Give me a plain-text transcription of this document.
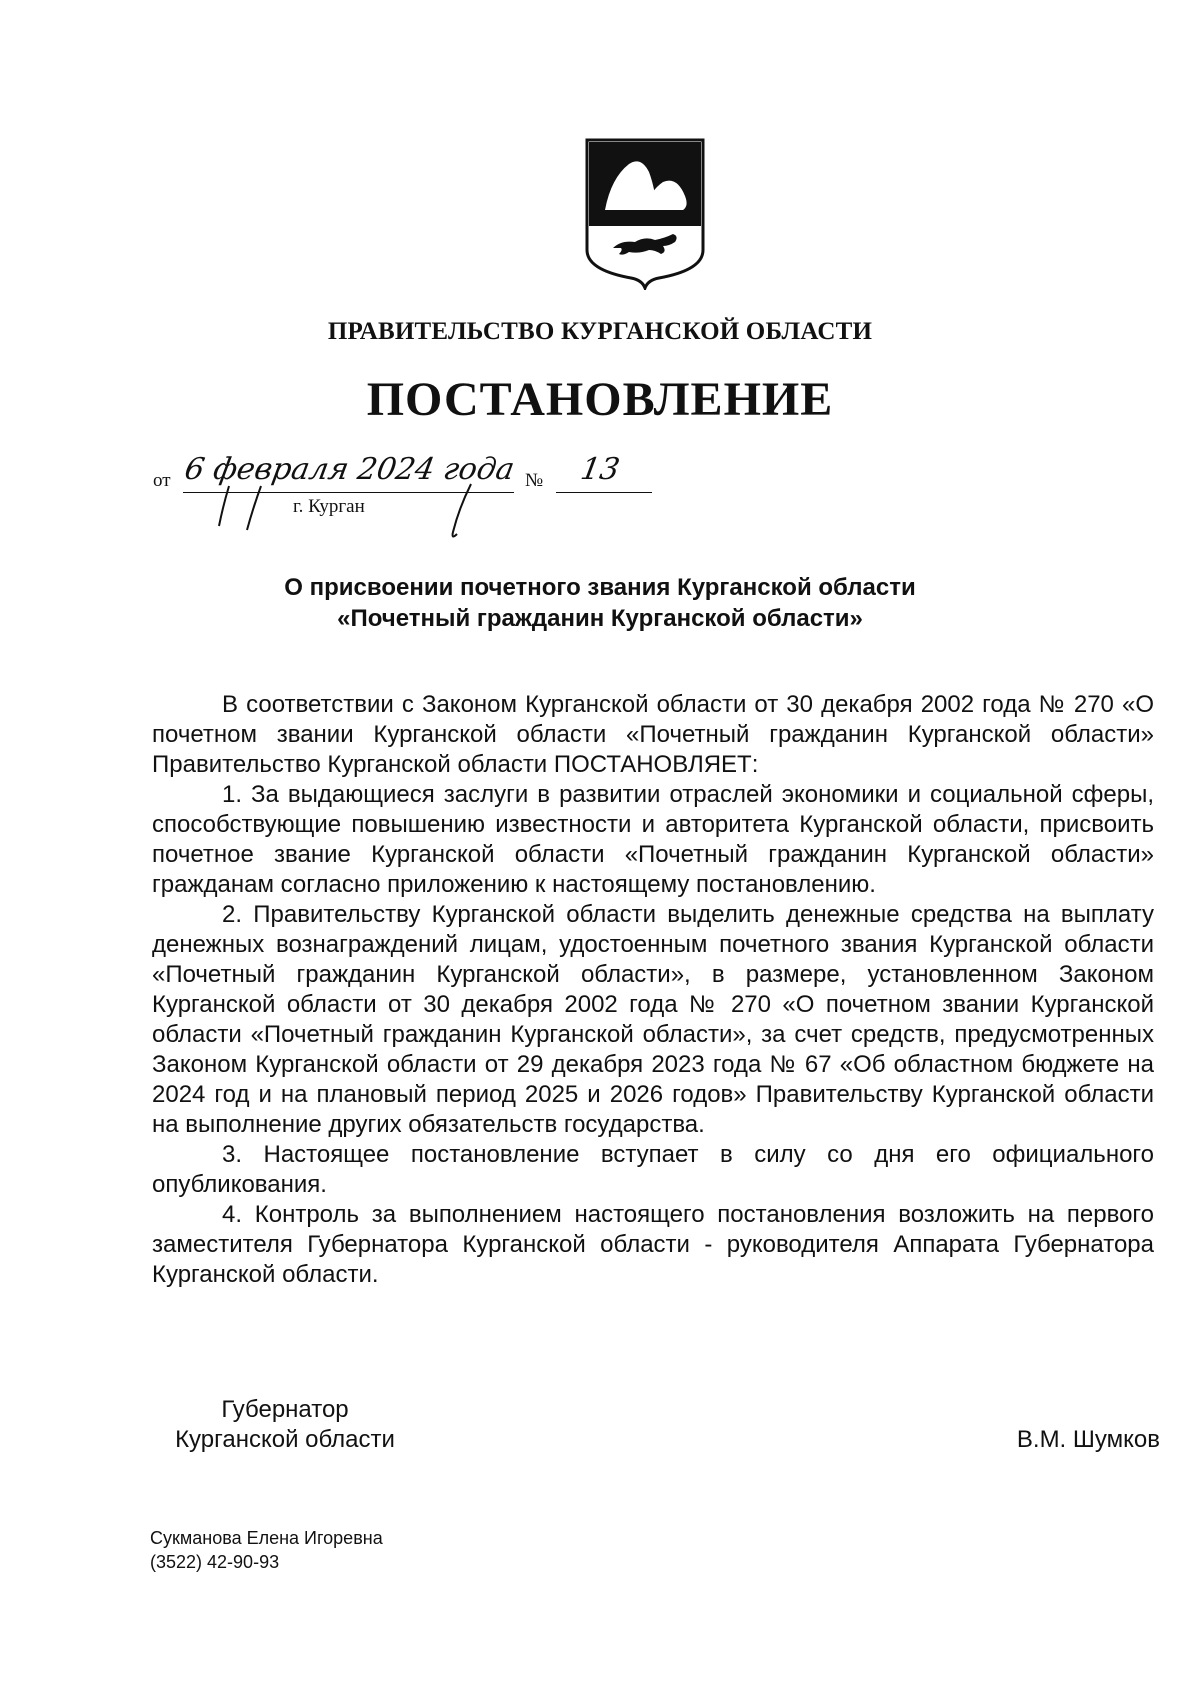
ПРАВИТЕЛЬСТВО КУРГАНСКОЙ ОБЛАСТИ
ПОСТАНОВЛЕНИЕ
от 6 февраля 2024 года № 13
г. Курган
О присвоении почетного звания Курганской области
«Почетный гражданин Курганской области»

В соответствии с Законом Курганской области от 30 декабря 2002 года № 270 «О почетном звании Курганской области «Почетный гражданин Курганской области» Правительство Курганской области ПОСТАНОВЛЯЕТ:

1. За выдающиеся заслуги в развитии отраслей экономики и социальной сферы, способствующие повышению известности и авторитета Курганской области, присвоить почетное звание Курганской области «Почетный гражданин Курганской области» гражданам согласно приложению к настоящему постановлению.

2. Правительству Курганской области выделить денежные средства на выплату денежных вознаграждений лицам, удостоенным почетного звания Курганской области «Почетный гражданин Курганской области», в размере, установленном Законом Курганской области от 30 декабря 2002 года № 270 «О почетном звании Курганской области «Почетный гражданин Курганской области», за счет средств, предусмотренных Законом Курганской области от 29 декабря 2023 года № 67 «Об областном бюджете на 2024 год и на плановый период 2025 и 2026 годов» Правительству Курганской области на выполнение других обязательств государства.

3. Настоящее постановление вступает в силу со дня его официального опубликования.

4. Контроль за выполнением настоящего постановления возложить на первого заместителя Губернатора Курганской области - руководителя Аппарата Губернатора Курганской области.

Губернатор
Курганской области	В.М. Шумков
Сукманова Елена Игоревна
(3522) 42-90-93
